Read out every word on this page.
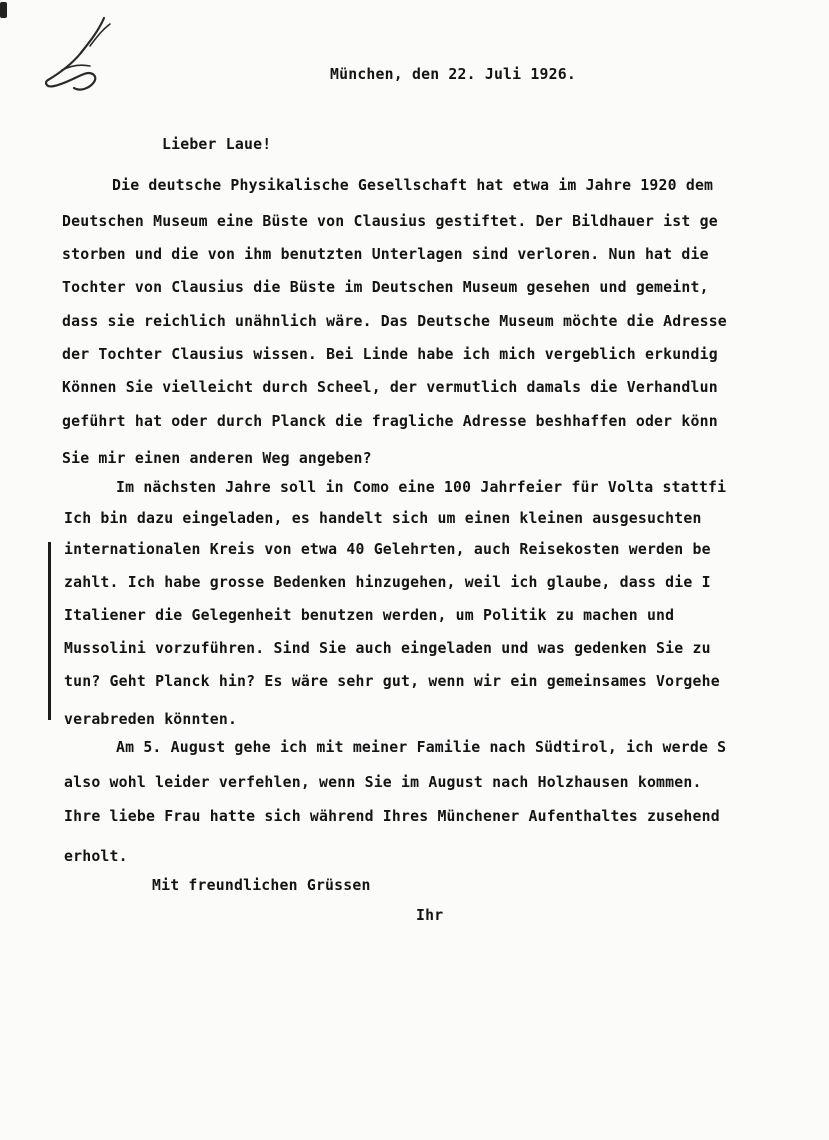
München, den 22. Juli 1926.
Lieber Laue!
Die deutsche Physikalische Gesellschaft hat etwa im Jahre 1920 dem
Deutschen Museum eine Büste von Clausius gestiftet. Der Bildhauer ist ge
storben und die von ihm benutzten Unterlagen sind verloren. Nun hat die
Tochter von Clausius die Büste im Deutschen Museum gesehen und gemeint,
dass sie reichlich unähnlich wäre. Das Deutsche Museum möchte die Adresse
der Tochter Clausius wissen. Bei Linde habe ich mich vergeblich erkundig
Können Sie vielleicht durch Scheel, der vermutlich damals die Verhandlun
geführt hat oder durch Planck die fragliche Adresse beshhaffen oder könn
Sie mir einen anderen Weg angeben?
Im nächsten Jahre soll in Como eine 100 Jahrfeier für Volta stattfi
Ich bin dazu eingeladen, es handelt sich um einen kleinen ausgesuchten
internationalen Kreis von etwa 40 Gelehrten, auch Reisekosten werden be
zahlt. Ich habe grosse Bedenken hinzugehen, weil ich glaube, dass die I
Italiener die Gelegenheit benutzen werden, um Politik zu machen und
Mussolini vorzuführen. Sind Sie auch eingeladen und was gedenken Sie zu
tun? Geht Planck hin? Es wäre sehr gut, wenn wir ein gemeinsames Vorgehe
verabreden könnten.
Am 5. August gehe ich mit meiner Familie nach Südtirol, ich werde S
also wohl leider verfehlen, wenn Sie im August nach Holzhausen kommen.
Ihre liebe Frau hatte sich während Ihres Münchener Aufenthaltes zusehend
erholt.
Mit freundlichen Grüssen
Ihr
